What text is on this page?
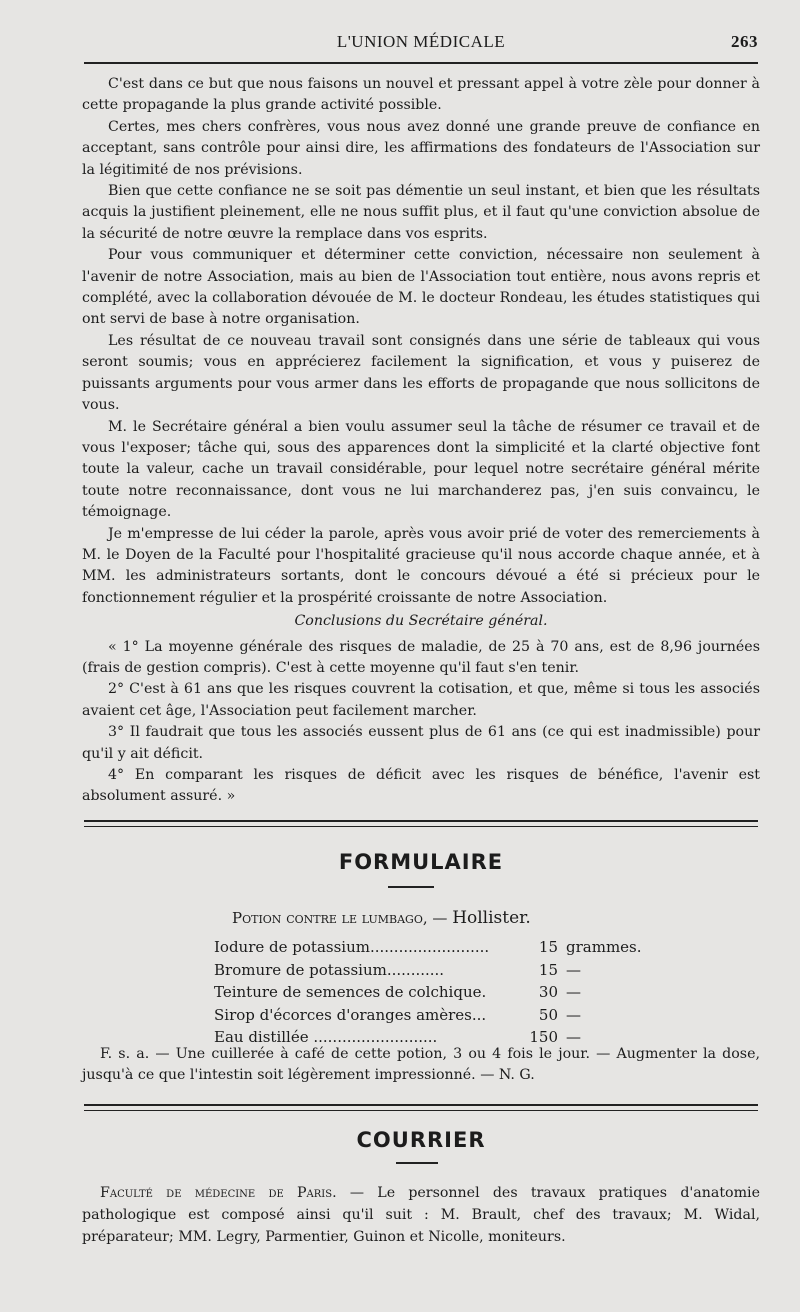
L'UNION MÉDICALE	263

C'est dans ce but que nous faisons un nouvel et pressant appel à votre zèle pour donner à cette propagande la plus grande activité possible.

Certes, mes chers confrères, vous nous avez donné une grande preuve de confiance en acceptant, sans contrôle pour ainsi dire, les affirmations des fondateurs de l'Association sur la légitimité de nos prévisions.

Bien que cette confiance ne se soit pas démentie un seul instant, et bien que les résultats acquis la justifient pleinement, elle ne nous suffit plus, et il faut qu'une conviction absolue de la sécurité de notre œuvre la remplace dans vos esprits.

Pour vous communiquer et déterminer cette conviction, nécessaire non seulement à l'avenir de notre Association, mais au bien de l'Association tout entière, nous avons repris et complété, avec la collaboration dévouée de M. le docteur Rondeau, les études statistiques qui ont servi de base à notre organisation.

Les résultat de ce nouveau travail sont consignés dans une série de tableaux qui vous seront soumis; vous en apprécierez facilement la signification, et vous y puiserez de puissants arguments pour vous armer dans les efforts de propagande que nous sollicitons de vous.

M. le Secrétaire général a bien voulu assumer seul la tâche de résumer ce travail et de vous l'exposer; tâche qui, sous des apparences dont la simplicité et la clarté objective font toute la valeur, cache un travail considérable, pour lequel notre secrétaire général mérite toute notre reconnaissance, dont vous ne lui marchanderez pas, j'en suis convaincu, le témoignage.

Je m'empresse de lui céder la parole, après vous avoir prié de voter des remerciements à M. le Doyen de la Faculté pour l'hospitalité gracieuse qu'il nous accorde chaque année, et à MM. les administrateurs sortants, dont le concours dévoué a été si précieux pour le fonctionnement régulier et la prospérité croissante de notre Association.

Conclusions du Secrétaire général.

« 1° La moyenne générale des risques de maladie, de 25 à 70 ans, est de 8,96 journées (frais de gestion compris). C'est à cette moyenne qu'il faut s'en tenir.

2° C'est à 61 ans que les risques couvrent la cotisation, et que, même si tous les associés avaient cet âge, l'Association peut facilement marcher.

3° Il faudrait que tous les associés eussent plus de 61 ans (ce qui est inadmissible) pour qu'il y ait déficit.

4° En comparant les risques de déficit avec les risques de bénéfice, l'avenir est absolument assuré. »

FORMULAIRE
Potion contre le lumbago, — Hollister.
Iodure de potassium.........................	15 grammes.
Bromure de potassium............	15 —
Teinture de semences de colchique.	30 —
Sirop d'écorces d'oranges amères...	50 —
Eau distillée ..........................	150 —

F. s. a. — Une cuillerée à café de cette potion, 3 ou 4 fois le jour. — Augmenter la dose, jusqu'à ce que l'intestin soit légèrement impressionné. — N. G.

COURRIER

Faculté de médecine de Paris. — Le personnel des travaux pratiques d'anatomie pathologique est composé ainsi qu'il suit : M. Brault, chef des travaux; M. Widal, préparateur; MM. Legry, Parmentier, Guinon et Nicolle, moniteurs.
